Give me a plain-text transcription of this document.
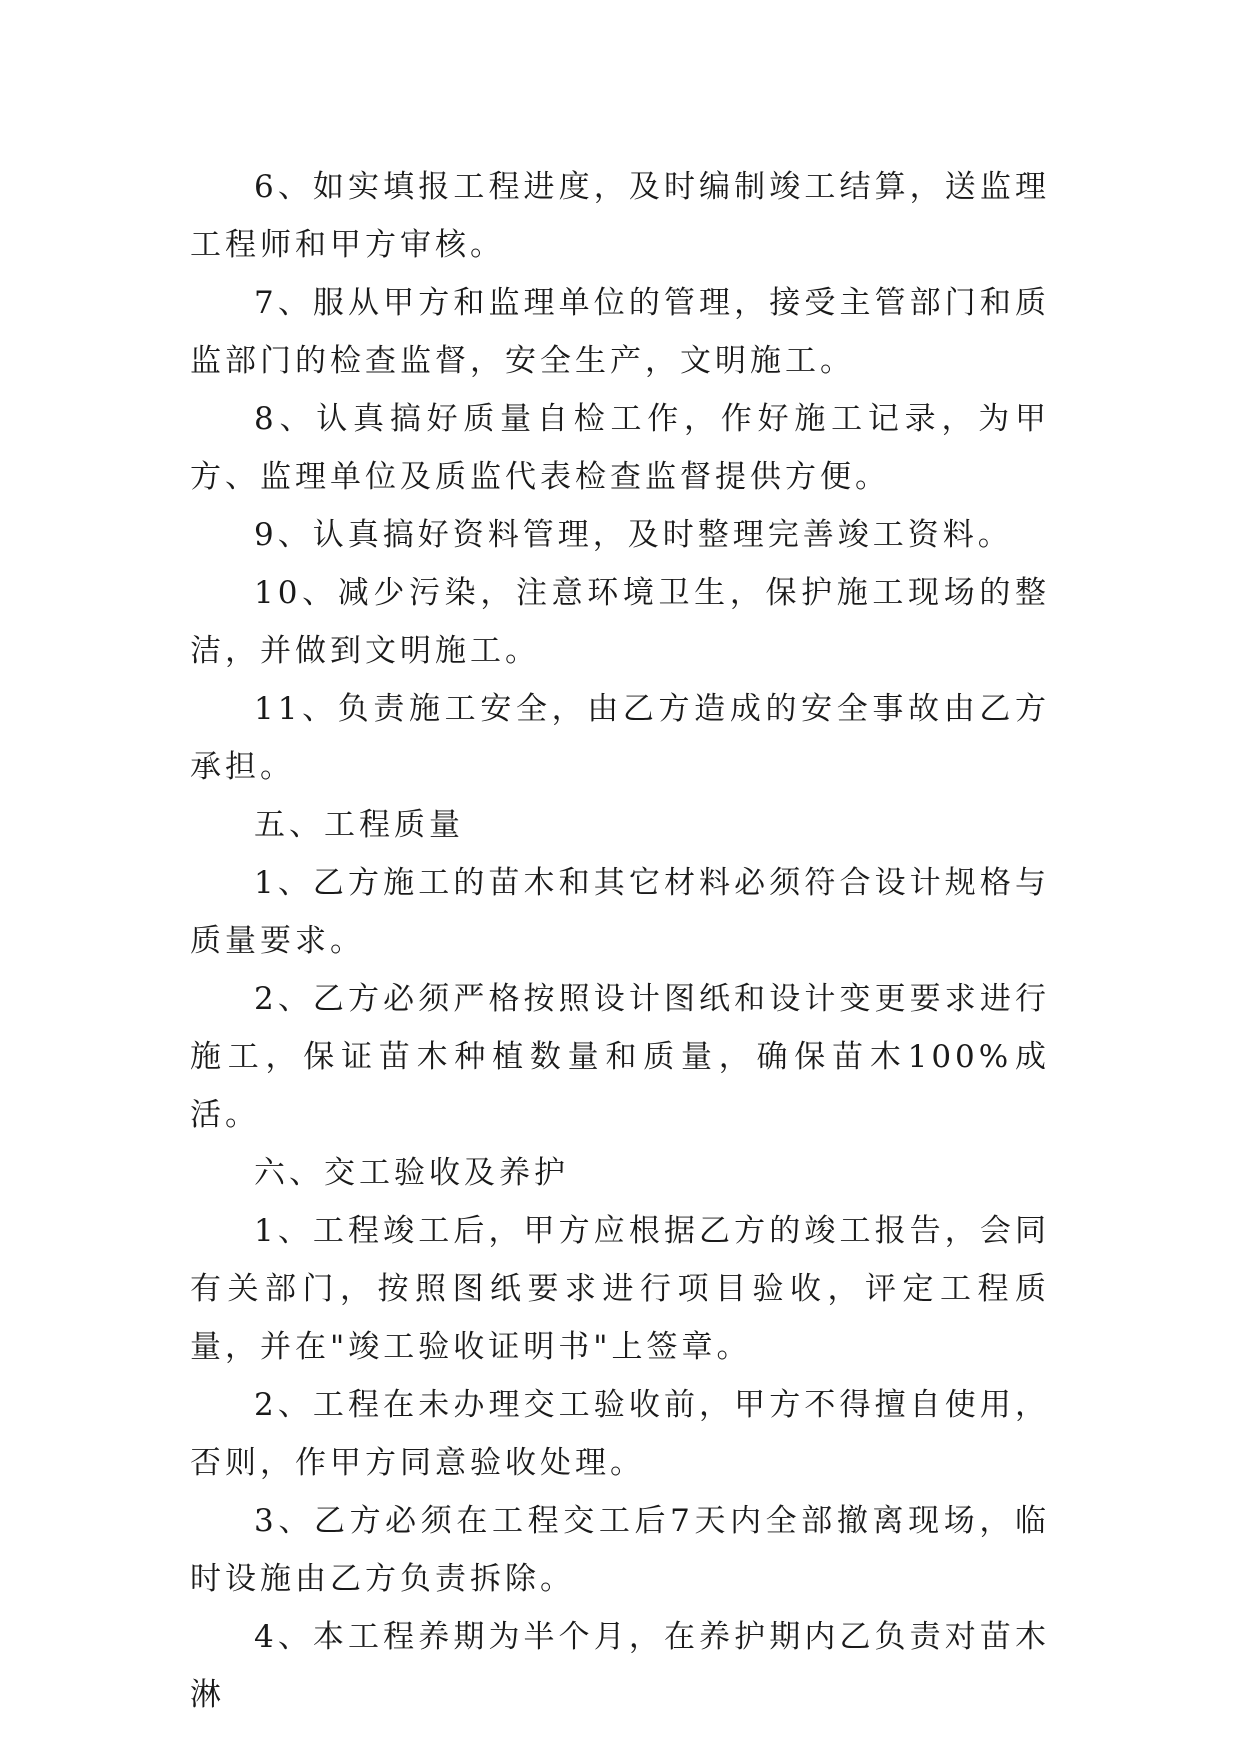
6、如实填报工程进度，及时编制竣工结算，送监理工程师和甲方审核。

7、服从甲方和监理单位的管理，接受主管部门和质监部门的检查监督，安全生产，文明施工。

8、认真搞好质量自检工作，作好施工记录，为甲方、监理单位及质监代表检查监督提供方便。

9、认真搞好资料管理，及时整理完善竣工资料。

10、减少污染，注意环境卫生，保护施工现场的整洁，并做到文明施工。

11、负责施工安全，由乙方造成的安全事故由乙方承担。

五、工程质量

1、乙方施工的苗木和其它材料必须符合设计规格与质量要求。

2、乙方必须严格按照设计图纸和设计变更要求进行施工，保证苗木种植数量和质量，确保苗木100%成活。

六、交工验收及养护

1、工程竣工后，甲方应根据乙方的竣工报告，会同有关部门，按照图纸要求进行项目验收，评定工程质量，并在"竣工验收证明书"上签章。

2、工程在未办理交工验收前，甲方不得擅自使用，否则，作甲方同意验收处理。

3、乙方必须在工程交工后7天内全部撤离现场，临时设施由乙方负责拆除。

4、本工程养期为半个月，在养护期内乙负责对苗木淋
